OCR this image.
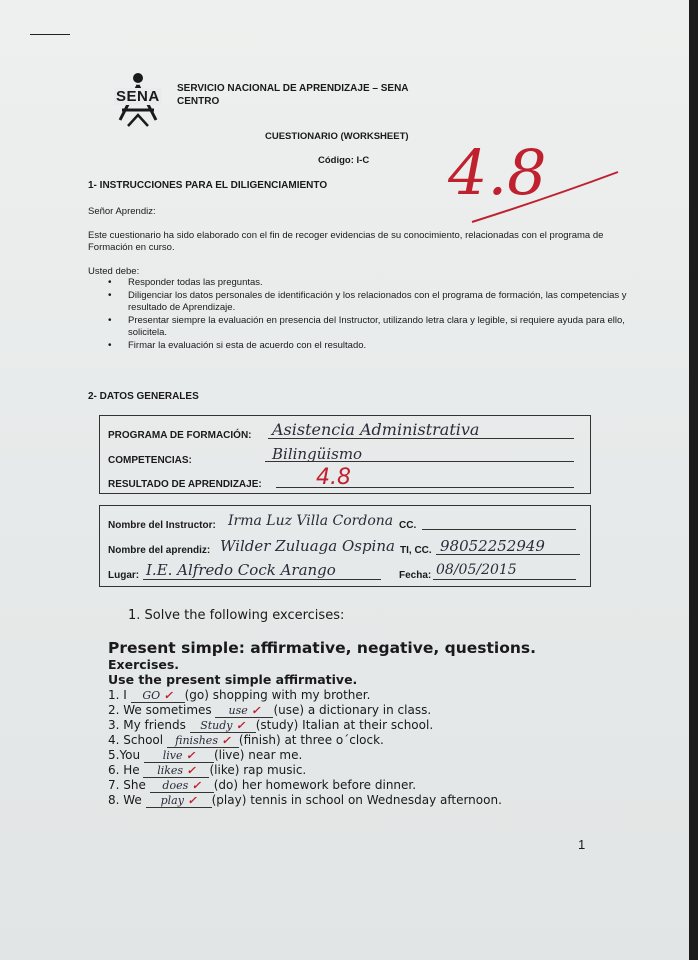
SENA SERVICIO NACIONAL DE APRENDIZAJE – SENA
CENTRO
CUESTIONARIO (WORKSHEET)
Código: I-C 4.8
1- INSTRUCCIONES PARA EL DILIGENCIAMIENTO
Señor Aprendiz:
Este cuestionario ha sido elaborado con el fin de recoger evidencias de su conocimiento, relacionadas con el programa de Formación en curso.
Usted debe:
• Responder todas las preguntas.
• Diligenciar los datos personales de identificación y los relacionados con el programa de formación, las competencias y resultado de Aprendizaje.
• Presentar siempre la evaluación en presencia del Instructor, utilizando letra clara y legible, si requiere ayuda para ello, solicitela.
• Firmar la evaluación si esta de acuerdo con el resultado.
2- DATOS GENERALES
PROGRAMA DE FORMACIÓN: Asistencia Administrativa
COMPETENCIAS:	Bilingüismo
RESULTADO DE APRENDIZAJE: 4.8
Nombre del Instructor: Irma Luz Villa Cordona CC.
Nombre del aprendiz: Wilder Zuluaga Ospina TI, CC. 98052252949
Lugar: I.E. Alfredo Cock Arango	Fecha: 08/05/2015
1. Solve the following excercises:
Present simple: affirmative, negative, questions.
Exercises.
Use the present simple affirmative.
1. I GO ✓ (go) shopping with my brother.
2. We sometimes use ✓ (use) a dictionary in class.
3. My friends Study ✓ (study) Italian at their school.
4. School finishes ✓ (finish) at three o´clock.
5.You live ✓ (live) near me.
6. He likes ✓ (like) rap music.
7. She does ✓ (do) her homework before dinner.
8. We play ✓ (play) tennis in school on Wednesday afternoon.
1
